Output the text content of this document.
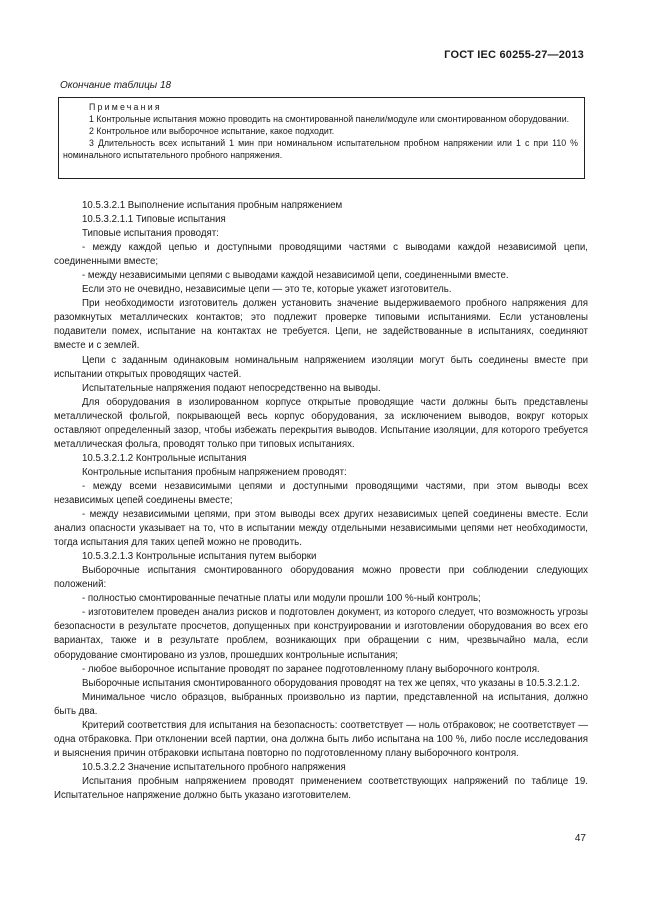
ГОСТ IEC 60255-27—2013
Окончание таблицы 18
Примечания

1 Контрольные испытания можно проводить на смонтированной панели/модуле или смонтированном оборудовании.

2 Контрольное или выборочное испытание, какое подходит.

3 Длительность всех испытаний 1 мин при номинальном испытательном пробном напряжении или 1 с при 110 % номинального испытательного пробного напряжения.

10.5.3.2.1 Выполнение испытания пробным напряжением

10.5.3.2.1.1 Типовые испытания

Типовые испытания проводят:

- между каждой цепью и доступными проводящими частями с выводами каждой независимой цепи, соединенными вместе;

- между независимыми цепями с выводами каждой независимой цепи, соединенными вместе.

Если это не очевидно, независимые цепи — это те, которые укажет изготовитель.

При необходимости изготовитель должен установить значение выдерживаемого пробного напряжения для разомкнутых металлических контактов; это подлежит проверке типовыми испытаниями. Если установлены подавители помех, испытание на контактах не требуется. Цепи, не задействованные в испытаниях, соединяют вместе и с землей.

Цепи с заданным одинаковым номинальным напряжением изоляции могут быть соединены вместе при испытании открытых проводящих частей.

Испытательные напряжения подают непосредственно на выводы.

Для оборудования в изолированном корпусе открытые проводящие части должны быть представлены металлической фольгой, покрывающей весь корпус оборудования, за исключением выводов, вокруг которых оставляют определенный зазор, чтобы избежать перекрытия выводов. Испытание изоляции, для которого требуется металлическая фольга, проводят только при типовых испытаниях.

10.5.3.2.1.2 Контрольные испытания

Контрольные испытания пробным напряжением проводят:

- между всеми независимыми цепями и доступными проводящими частями, при этом выводы всех независимых цепей соединены вместе;

- между независимыми цепями, при этом выводы всех других независимых цепей соединены вместе. Если анализ опасности указывает на то, что в испытании между отдельными независимыми цепями нет необходимости, тогда испытания для таких цепей можно не проводить.

10.5.3.2.1.3 Контрольные испытания путем выборки

Выборочные испытания смонтированного оборудования можно провести при соблюдении следующих положений:

- полностью смонтированные печатные платы или модули прошли 100 %-ный контроль;

- изготовителем проведен анализ рисков и подготовлен документ, из которого следует, что возможность угрозы безопасности в результате просчетов, допущенных при конструировании и изготовлении оборудования во всех его вариантах, также и в результате проблем, возникающих при обращении с ним, чрезвычайно мала, если оборудование смонтировано из узлов, прошедших контрольные испытания;

- любое выборочное испытание проводят по заранее подготовленному плану выборочного контроля.

Выборочные испытания смонтированного оборудования проводят на тех же цепях, что указаны в 10.5.3.2.1.2.

Минимальное число образцов, выбранных произвольно из партии, представленной на испытания, должно быть два.

Критерий соответствия для испытания на безопасность: соответствует — ноль отбраковок; не соответствует — одна отбраковка. При отклонении всей партии, она должна быть либо испытана на 100 %, либо после исследования и выяснения причин отбраковки испытана повторно по подготовленному плану выборочного контроля.

10.5.3.2.2 Значение испытательного пробного напряжения

Испытания пробным напряжением проводят применением соответствующих напряжений по таблице 19. Испытательное напряжение должно быть указано изготовителем.

47
